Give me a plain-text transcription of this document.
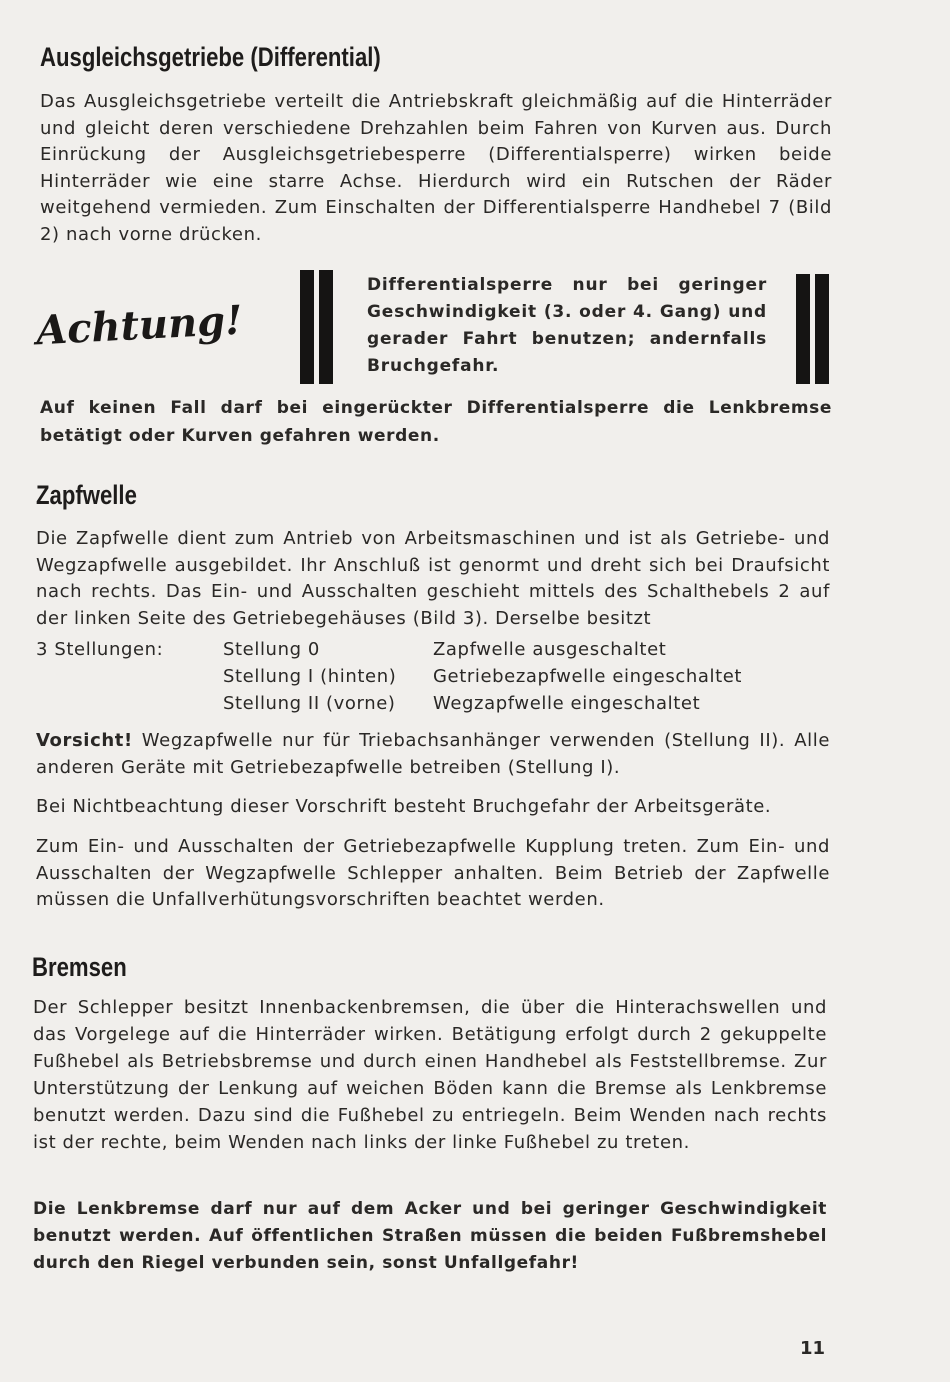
Ausgleichsgetriebe (Differential)

Das Ausgleichsgetriebe verteilt die Antriebskraft gleichmäßig auf die Hinterräder und gleicht deren verschiedene Drehzahlen beim Fahren von Kurven aus. Durch Einrückung der Ausgleichsgetriebesperre (Differentialsperre) wirken beide Hinterräder wie eine starre Achse. Hierdurch wird ein Rutschen der Räder weitgehend vermieden. Zum Einschalten der Differentialsperre Handhebel 7 (Bild 2) nach vorne drücken.

Achtung!

Differentialsperre nur bei geringer Geschwindigkeit (3. oder 4. Gang) und gerader Fahrt benutzen; andernfalls Bruchgefahr.

Auf keinen Fall darf bei eingerückter Differentialsperre die Lenkbremse betätigt oder Kurven gefahren werden.

Zapfwelle

Die Zapfwelle dient zum Antrieb von Arbeitsmaschinen und ist als Getriebe- und Wegzapfwelle ausgebildet. Ihr Anschluß ist genormt und dreht sich bei Draufsicht nach rechts. Das Ein- und Ausschalten geschieht mittels des Schalthebels 2 auf der linken Seite des Getriebegehäuses (Bild 3). Derselbe besitzt

3 Stellungen:	Stellung 0	Zapfwelle ausgeschaltet
Stellung I (hinten) Getriebezapfwelle eingeschaltet
Stellung II (vorne) Wegzapfwelle eingeschaltet

Vorsicht! Wegzapfwelle nur für Triebachsanhänger verwenden (Stellung II). Alle anderen Geräte mit Getriebezapfwelle betreiben (Stellung I).

Bei Nichtbeachtung dieser Vorschrift besteht Bruchgefahr der Arbeitsgeräte.

Zum Ein- und Ausschalten der Getriebezapfwelle Kupplung treten. Zum Ein- und Ausschalten der Wegzapfwelle Schlepper anhalten. Beim Betrieb der Zapfwelle müssen die Unfallverhütungsvorschriften beachtet werden.

Bremsen

Der Schlepper besitzt Innenbackenbremsen, die über die Hinterachswellen und das Vorgelege auf die Hinterräder wirken. Betätigung erfolgt durch 2 gekuppelte Fußhebel als Betriebsbremse und durch einen Handhebel als Feststellbremse. Zur Unterstützung der Lenkung auf weichen Böden kann die Bremse als Lenkbremse benutzt werden. Dazu sind die Fußhebel zu entriegeln. Beim Wenden nach rechts ist der rechte, beim Wenden nach links der linke Fußhebel zu treten.

Die Lenkbremse darf nur auf dem Acker und bei geringer Geschwindigkeit benutzt werden. Auf öffentlichen Straßen müssen die beiden Fußbremshebel durch den Riegel verbunden sein, sonst Unfallgefahr!

11
